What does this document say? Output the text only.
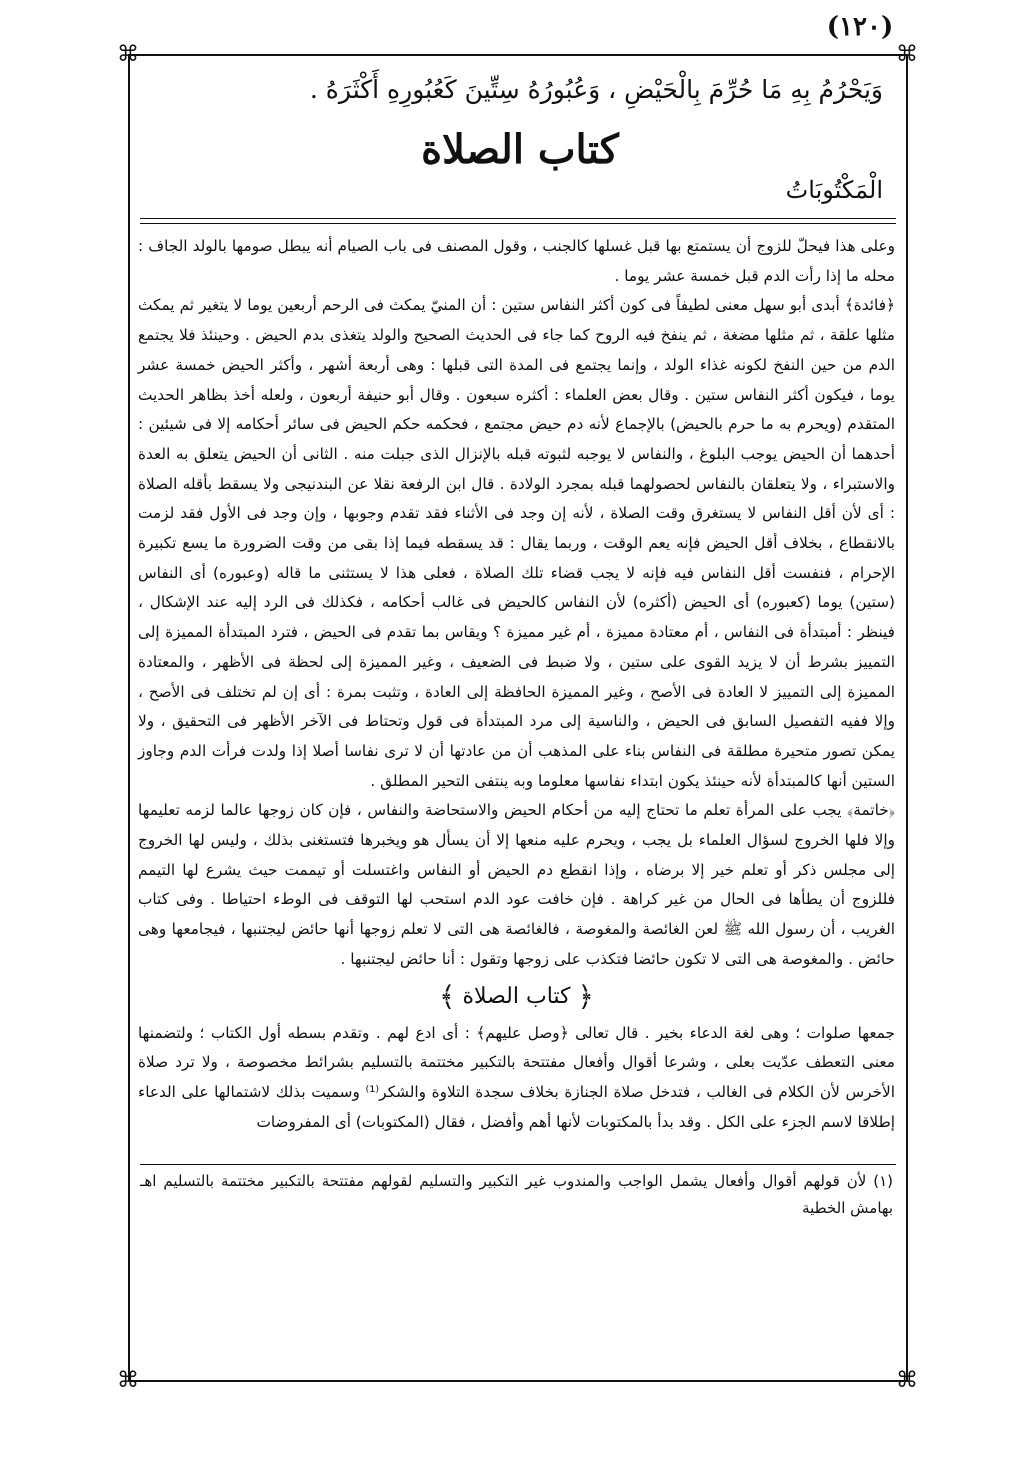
(١٢٠)
⌘	⌘
⌘	⌘
وَيَحْرُمُ بِهِ مَا حُرِّمَ بِالْحَيْضِ ، وَعُبُورُهُ سِتِّينَ كَعُبُورِهِ أَكْثَرَهُ .
كتاب الصلاة
الْمَكْتُوبَاتُ

وعلى هذا فيحلّ للزوج أن يستمتع بها قبل غسلها كالجنب ، وقول المصنف فى باب الصيام أنه يبطل صومها بالولد الجاف : محله ما إذا رأت الدم قبل خمسة عشر يوما .

﴿فائدة﴾ أبدى أبو سهل معنى لطيفاً فى كون أكثر النفاس ستين : أن المنيّ يمكث فى الرحم أربعين يوما لا يتغير ثم يمكث مثلها علقة ، ثم مثلها مضغة ، ثم ينفخ فيه الروح كما جاء فى الحديث الصحيح والولد يتغذى بدم الحيض . وحينئذ فلا يجتمع الدم من حين النفخ لكونه غذاء الولد ، وإنما يجتمع فى المدة التى قبلها : وهى أربعة أشهر ، وأكثر الحيض خمسة عشر يوما ، فيكون أكثر النفاس ستين . وقال بعض العلماء : أكثره سبعون . وقال أبو حنيفة أربعون ، ولعله أخذ بظاهر الحديث المتقدم (ويحرم به ما حرم بالحيض) بالإجماع لأنه دم حيض مجتمع ، فحكمه حكم الحيض فى سائر أحكامه إلا فى شيئين : أحدهما أن الحيض يوجب البلوغ ، والنفاس لا يوجبه لثبوته قبله بالإنزال الذى جبلت منه . الثانى أن الحيض يتعلق به العدة والاستبراء ، ولا يتعلقان بالنفاس لحصولهما قبله بمجرد الولادة . قال ابن الرفعة نقلا عن البندنيجى ولا يسقط بأقله الصلاة : أى لأن أقل النفاس لا يستغرق وقت الصلاة ، لأنه إن وجد فى الأثناء فقد تقدم وجوبها ، وإن وجد فى الأول فقد لزمت بالانقطاع ، بخلاف أقل الحيض فإنه يعم الوقت ، وربما يقال : قد يسقطه فيما إذا بقى من وقت الضرورة ما يسع تكبيرة الإحرام ، فنفست أقل النفاس فيه فإنه لا يجب قضاء تلك الصلاة ، فعلى هذا لا يستثنى ما قاله (وعبوره) أى النفاس (ستين) يوما (كعبوره) أى الحيض (أكثره) لأن النفاس كالحيض فى غالب أحكامه ، فكذلك فى الرد إليه عند الإشكال ، فينظر : أمبتدأة فى النفاس ، أم معتادة مميزة ، أم غير مميزة ؟ ويقاس بما تقدم فى الحيض ، فترد المبتدأة المميزة إلى التمييز بشرط أن لا يزيد القوى على ستين ، ولا ضبط فى الضعيف ، وغير المميزة إلى لحظة فى الأظهر ، والمعتادة المميزة إلى التمييز لا العادة فى الأصح ، وغير المميزة الحافظة إلى العادة ، وتثبت بمرة : أى إن لم تختلف فى الأصح ، وإلا ففيه التفصيل السابق فى الحيض ، والناسية إلى مرد المبتدأة فى قول وتحتاط فى الآخر الأظهر فى التحقيق ، ولا يمكن تصور متحيرة مطلقة فى النفاس بناء على المذهب أن من عادتها أن لا ترى نفاسا أصلا إذا ولدت فرأت الدم وجاوز الستين أنها كالمبتدأة لأنه حينئذ يكون ابتداء نفاسها معلوما وبه ينتفى التحير المطلق .

﴿خاتمة﴾ يجب على المرأة تعلم ما تحتاج إليه من أحكام الحيض والاستحاضة والنفاس ، فإن كان زوجها عالما لزمه تعليمها وإلا فلها الخروج لسؤال العلماء بل يجب ، ويحرم عليه منعها إلا أن يسأل هو ويخبرها فتستغنى بذلك ، وليس لها الخروج إلى مجلس ذكر أو تعلم خير إلا برضاه ، وإذا انقطع دم الحيض أو النفاس واغتسلت أو تيممت حيث يشرع لها التيمم فللزوج أن يطأها فى الحال من غير كراهة . فإن خافت عود الدم استحب لها التوقف فى الوطء احتياطا . وفى كتاب الغريب ، أن رسول الله ﷺ لعن الغائصة والمغوصة ، فالغائصة هى التى لا تعلم زوجها أنها حائض ليجتنبها ، فيجامعها وهى حائض . والمغوصة هى التى لا تكون حائضا فتكذب على زوجها وتقول : أنا حائض ليجتنبها .

﴿ كتاب الصلاة ﴾

جمعها صلوات ؛ وهى لغة الدعاء بخير . قال تعالى ﴿وصل عليهم﴾ : أى ادع لهم . وتقدم بسطه أول الكتاب ؛ ولتضمنها معنى التعطف عدّيت بعلى ، وشرعا أقوال وأفعال مفتتحة بالتكبير مختتمة بالتسليم بشرائط مخصوصة ، ولا ترد صلاة الأخرس لأن الكلام فى الغالب ، فتدخل صلاة الجنازة بخلاف سجدة التلاوة والشكر⁽¹⁾ وسميت بذلك لاشتمالها على الدعاء إطلاقا لاسم الجزء على الكل . وقد بدأ بالمكتوبات لأنها أهم وأفضل ، فقال (المكتوبات) أى المفروضات

(١) لأن قولهم أقوال وأفعال يشمل الواجب والمندوب غير التكبير والتسليم لقولهم مفتتحة بالتكبير مختتمة بالتسليم اهـ بهامش الخطية
